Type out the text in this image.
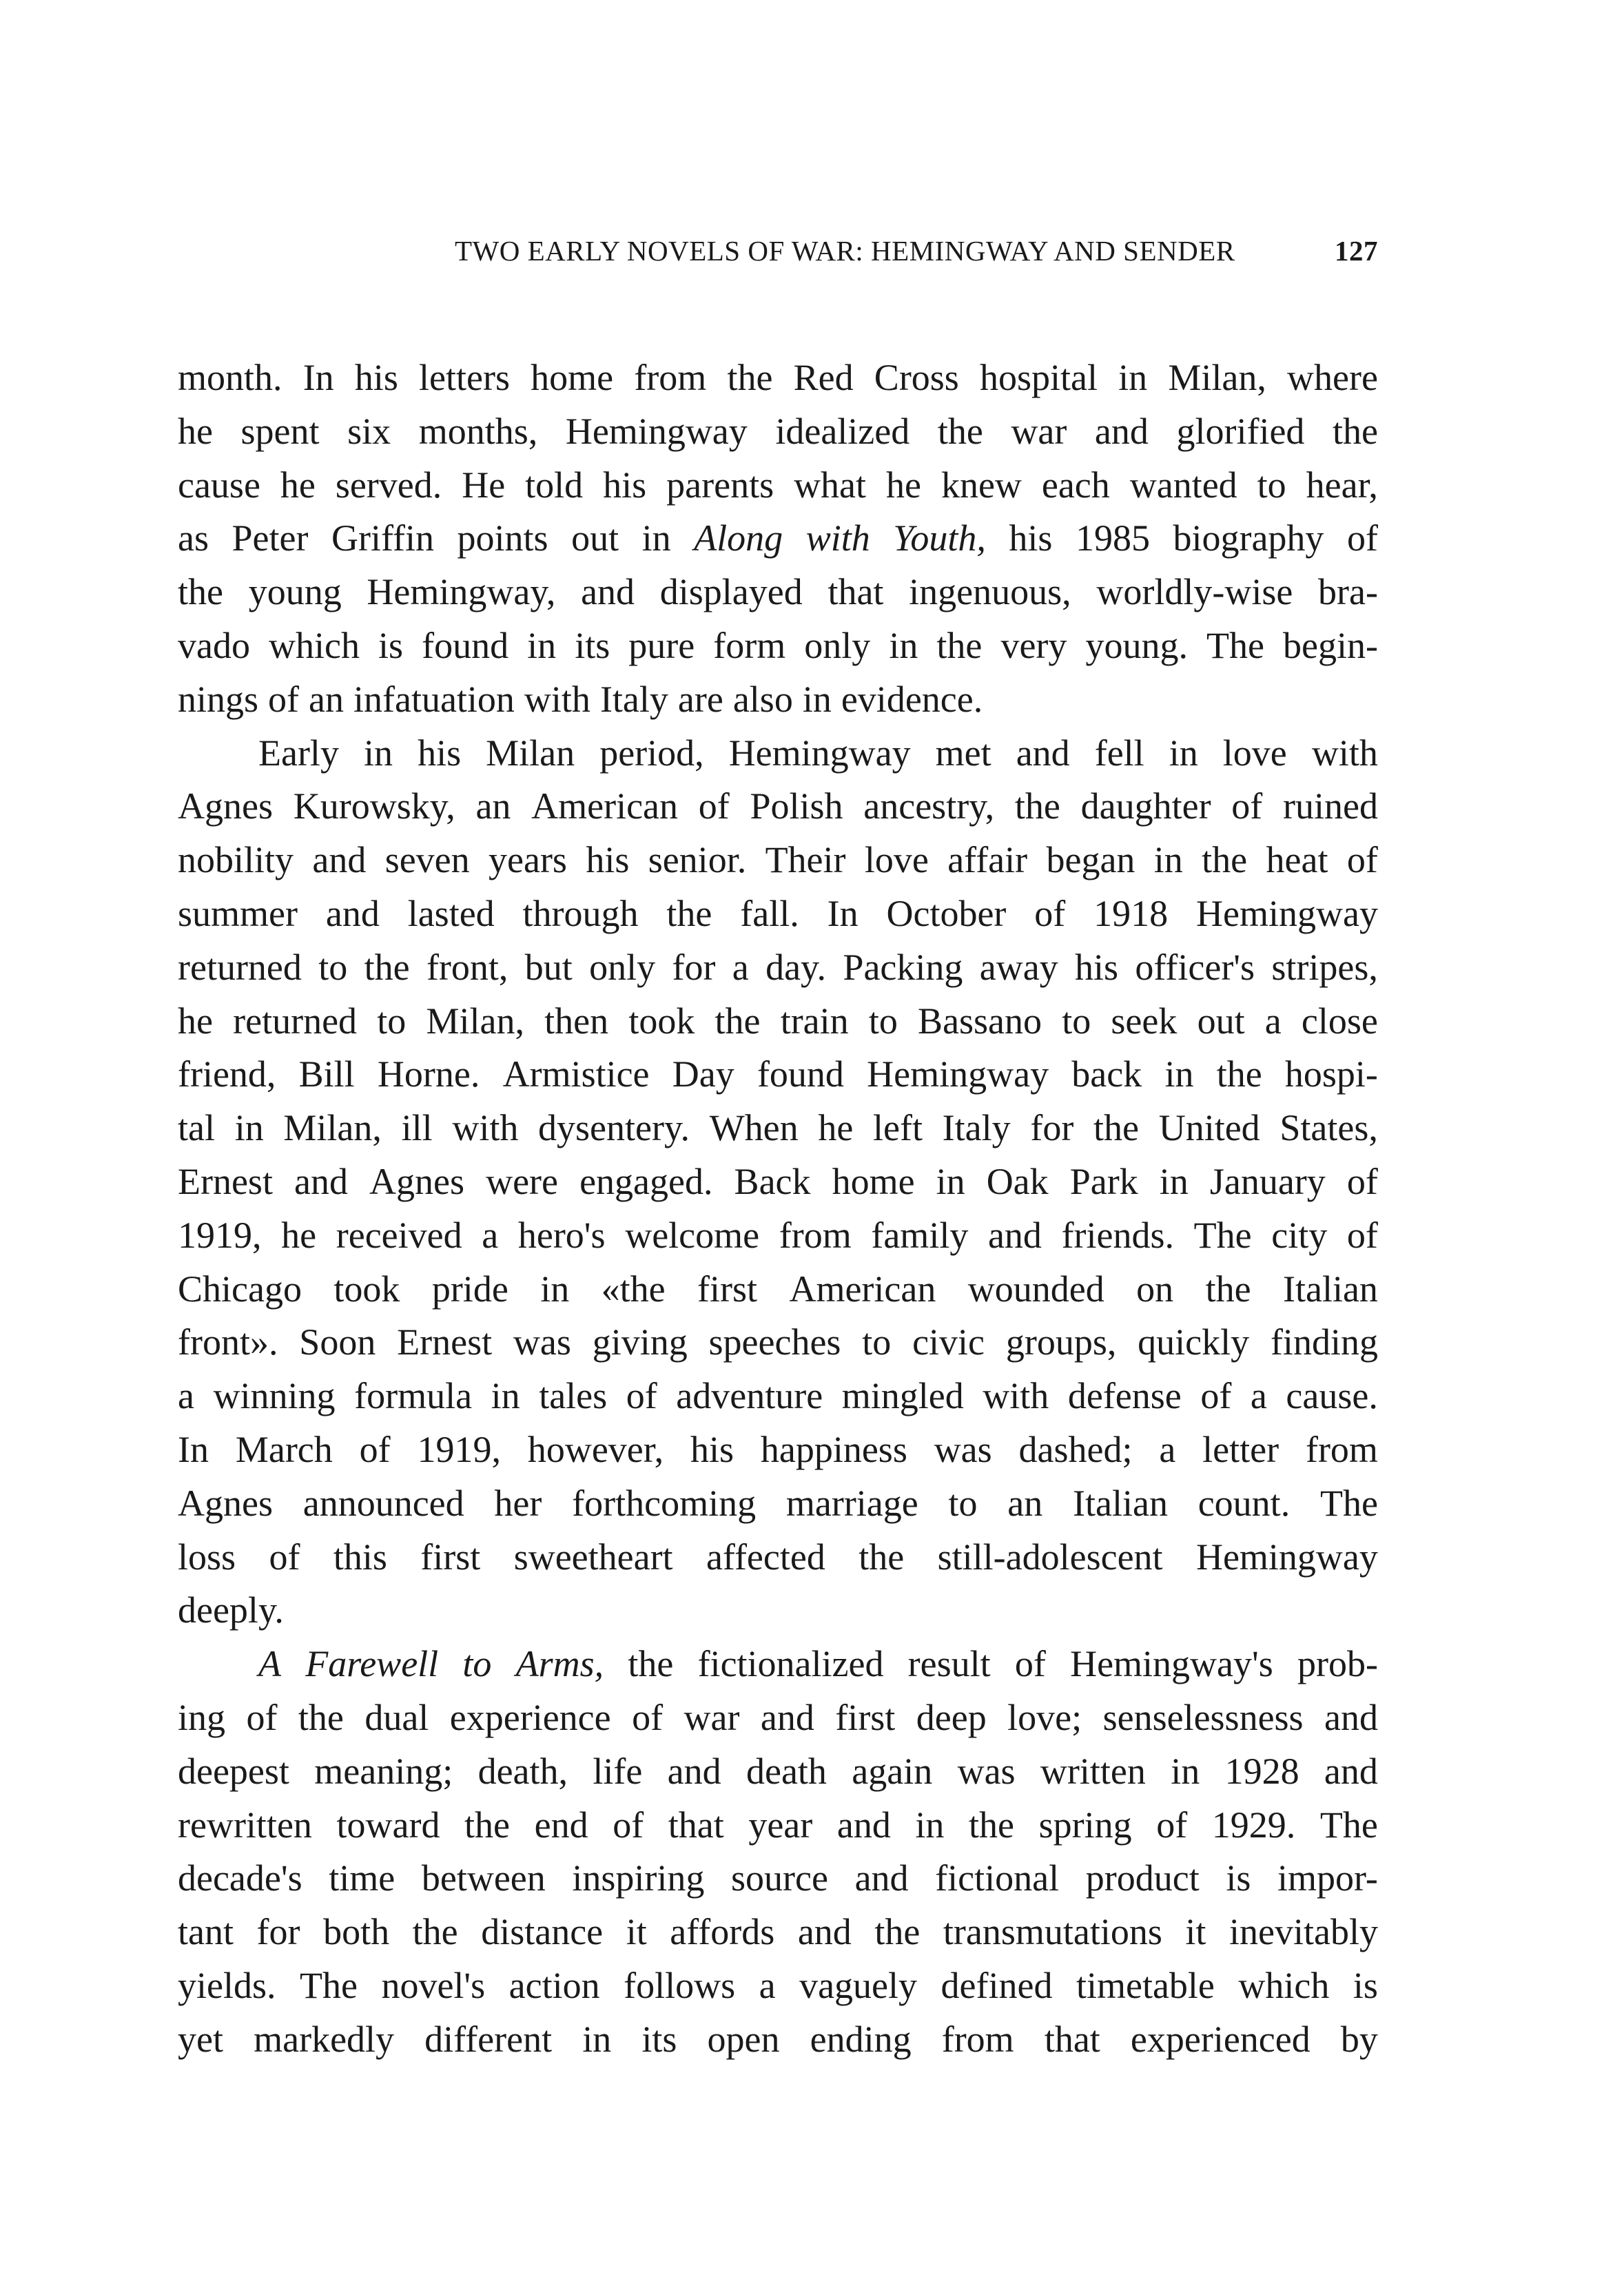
TWO EARLY NOVELS OF WAR: HEMINGWAY AND SENDER	127
month. In his letters home from the Red Cross hospital in Milan, where
he spent six months, Hemingway idealized the war and glorified the
cause he served. He told his parents what he knew each wanted to hear,
as Peter Griffin points out in Along with Youth, his 1985 biography of
the young Hemingway, and displayed that ingenuous, worldly-wise bra-
vado which is found in its pure form only in the very young. The begin-
nings of an infatuation with Italy are also in evidence.
Early in his Milan period, Hemingway met and fell in love with
Agnes Kurowsky, an American of Polish ancestry, the daughter of ruined
nobility and seven years his senior. Their love affair began in the heat of
summer and lasted through the fall. In October of 1918 Hemingway
returned to the front, but only for a day. Packing away his officer's stripes,
he returned to Milan, then took the train to Bassano to seek out a close
friend, Bill Horne. Armistice Day found Hemingway back in the hospi-
tal in Milan, ill with dysentery. When he left Italy for the United States,
Ernest and Agnes were engaged. Back home in Oak Park in January of
1919, he received a hero's welcome from family and friends. The city of
Chicago took pride in «the first American wounded on the Italian
front». Soon Ernest was giving speeches to civic groups, quickly finding
a winning formula in tales of adventure mingled with defense of a cause.
In March of 1919, however, his happiness was dashed; a letter from
Agnes announced her forthcoming marriage to an Italian count. The
loss of this first sweetheart affected the still-adolescent Hemingway
deeply.
A Farewell to Arms, the fictionalized result of Hemingway's prob-
ing of the dual experience of war and first deep love; senselessness and
deepest meaning; death, life and death again was written in 1928 and
rewritten toward the end of that year and in the spring of 1929. The
decade's time between inspiring source and fictional product is impor-
tant for both the distance it affords and the transmutations it inevitably
yields. The novel's action follows a vaguely defined timetable which is
yet markedly different in its open ending from that experienced by
